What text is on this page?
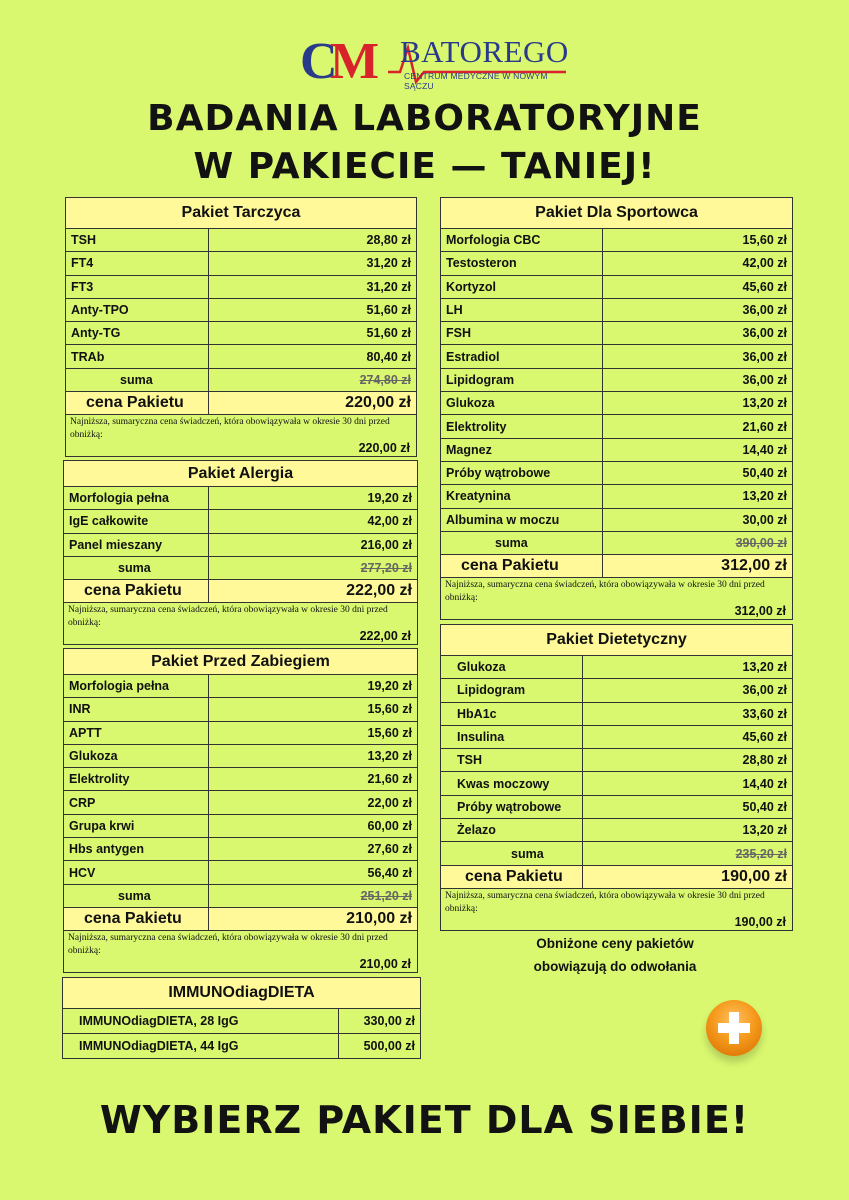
C
M BATOREGO
CENTRUM MEDYCZNE W NOWYM SĄCZU
BADANIA LABORATORYJNE
W PAKIECIE — TANIEJ!
Pakiet Tarczyca	
TSH	28,80 zł
FT4	31,20 zł
FT3	31,20 zł
Anty-TPO	51,60 zł
Anty-TG	51,60 zł
TRAb	80,40 zł
suma	274,80 zł
cena Pakietu	220,00 zł

Najniższa, sumaryczna cena świadczeń, która obowiązywała w okresie 30 dni przed obniżką:
220,00 zł	
Pakiet Alergia	
Morfologia pełna	19,20 zł
IgE całkowite	42,00 zł
Panel mieszany	216,00 zł
suma	277,20 zł
cena Pakietu	222,00 zł

Najniższa, sumaryczna cena świadczeń, która obowiązywała w okresie 30 dni przed obniżką:
222,00 zł	
Pakiet Przed Zabiegiem	
Morfologia pełna	19,20 zł
INR	15,60 zł
APTT	15,60 zł
Glukoza	13,20 zł
Elektrolity	21,60 zł
CRP	22,00 zł
Grupa krwi	60,00 zł
Hbs antygen	27,60 zł
HCV	56,40 zł
suma	251,20 zł
cena Pakietu	210,00 zł

Najniższa, sumaryczna cena świadczeń, która obowiązywała w okresie 30 dni przed obniżką:
210,00 zł	
IMMUNOdiagDIETA	
IMMUNOdiagDIETA, 28 IgG	330,00 zł
IMMUNOdiagDIETA, 44 IgG	500,00 zł
Pakiet Dla Sportowca	
Morfologia CBC	15,60 zł
Testosteron	42,00 zł
Kortyzol	45,60 zł
LH	36,00 zł
FSH	36,00 zł
Estradiol	36,00 zł
Lipidogram	36,00 zł
Glukoza	13,20 zł
Elektrolity	21,60 zł
Magnez	14,40 zł
Próby wątrobowe	50,40 zł
Kreatynina	13,20 zł
Albumina w moczu	30,00 zł
suma	390,00 zł
cena Pakietu	312,00 zł

Najniższa, sumaryczna cena świadczeń, która obowiązywała w okresie 30 dni przed obniżką:
312,00 zł	
Pakiet Dietetyczny	
Glukoza	13,20 zł
Lipidogram	36,00 zł
HbA1c	33,60 zł
Insulina	45,60 zł
TSH	28,80 zł
Kwas moczowy	14,40 zł
Próby wątrobowe	50,40 zł
Żelazo	13,20 zł
suma	235,20 zł
cena Pakietu	190,00 zł

Najniższa, sumaryczna cena świadczeń, która obowiązywała w okresie 30 dni przed obniżką:
190,00 zł	
Obniżone ceny pakietów
obowiązują do odwołania
WYBIERZ PAKIET DLA SIEBIE!
